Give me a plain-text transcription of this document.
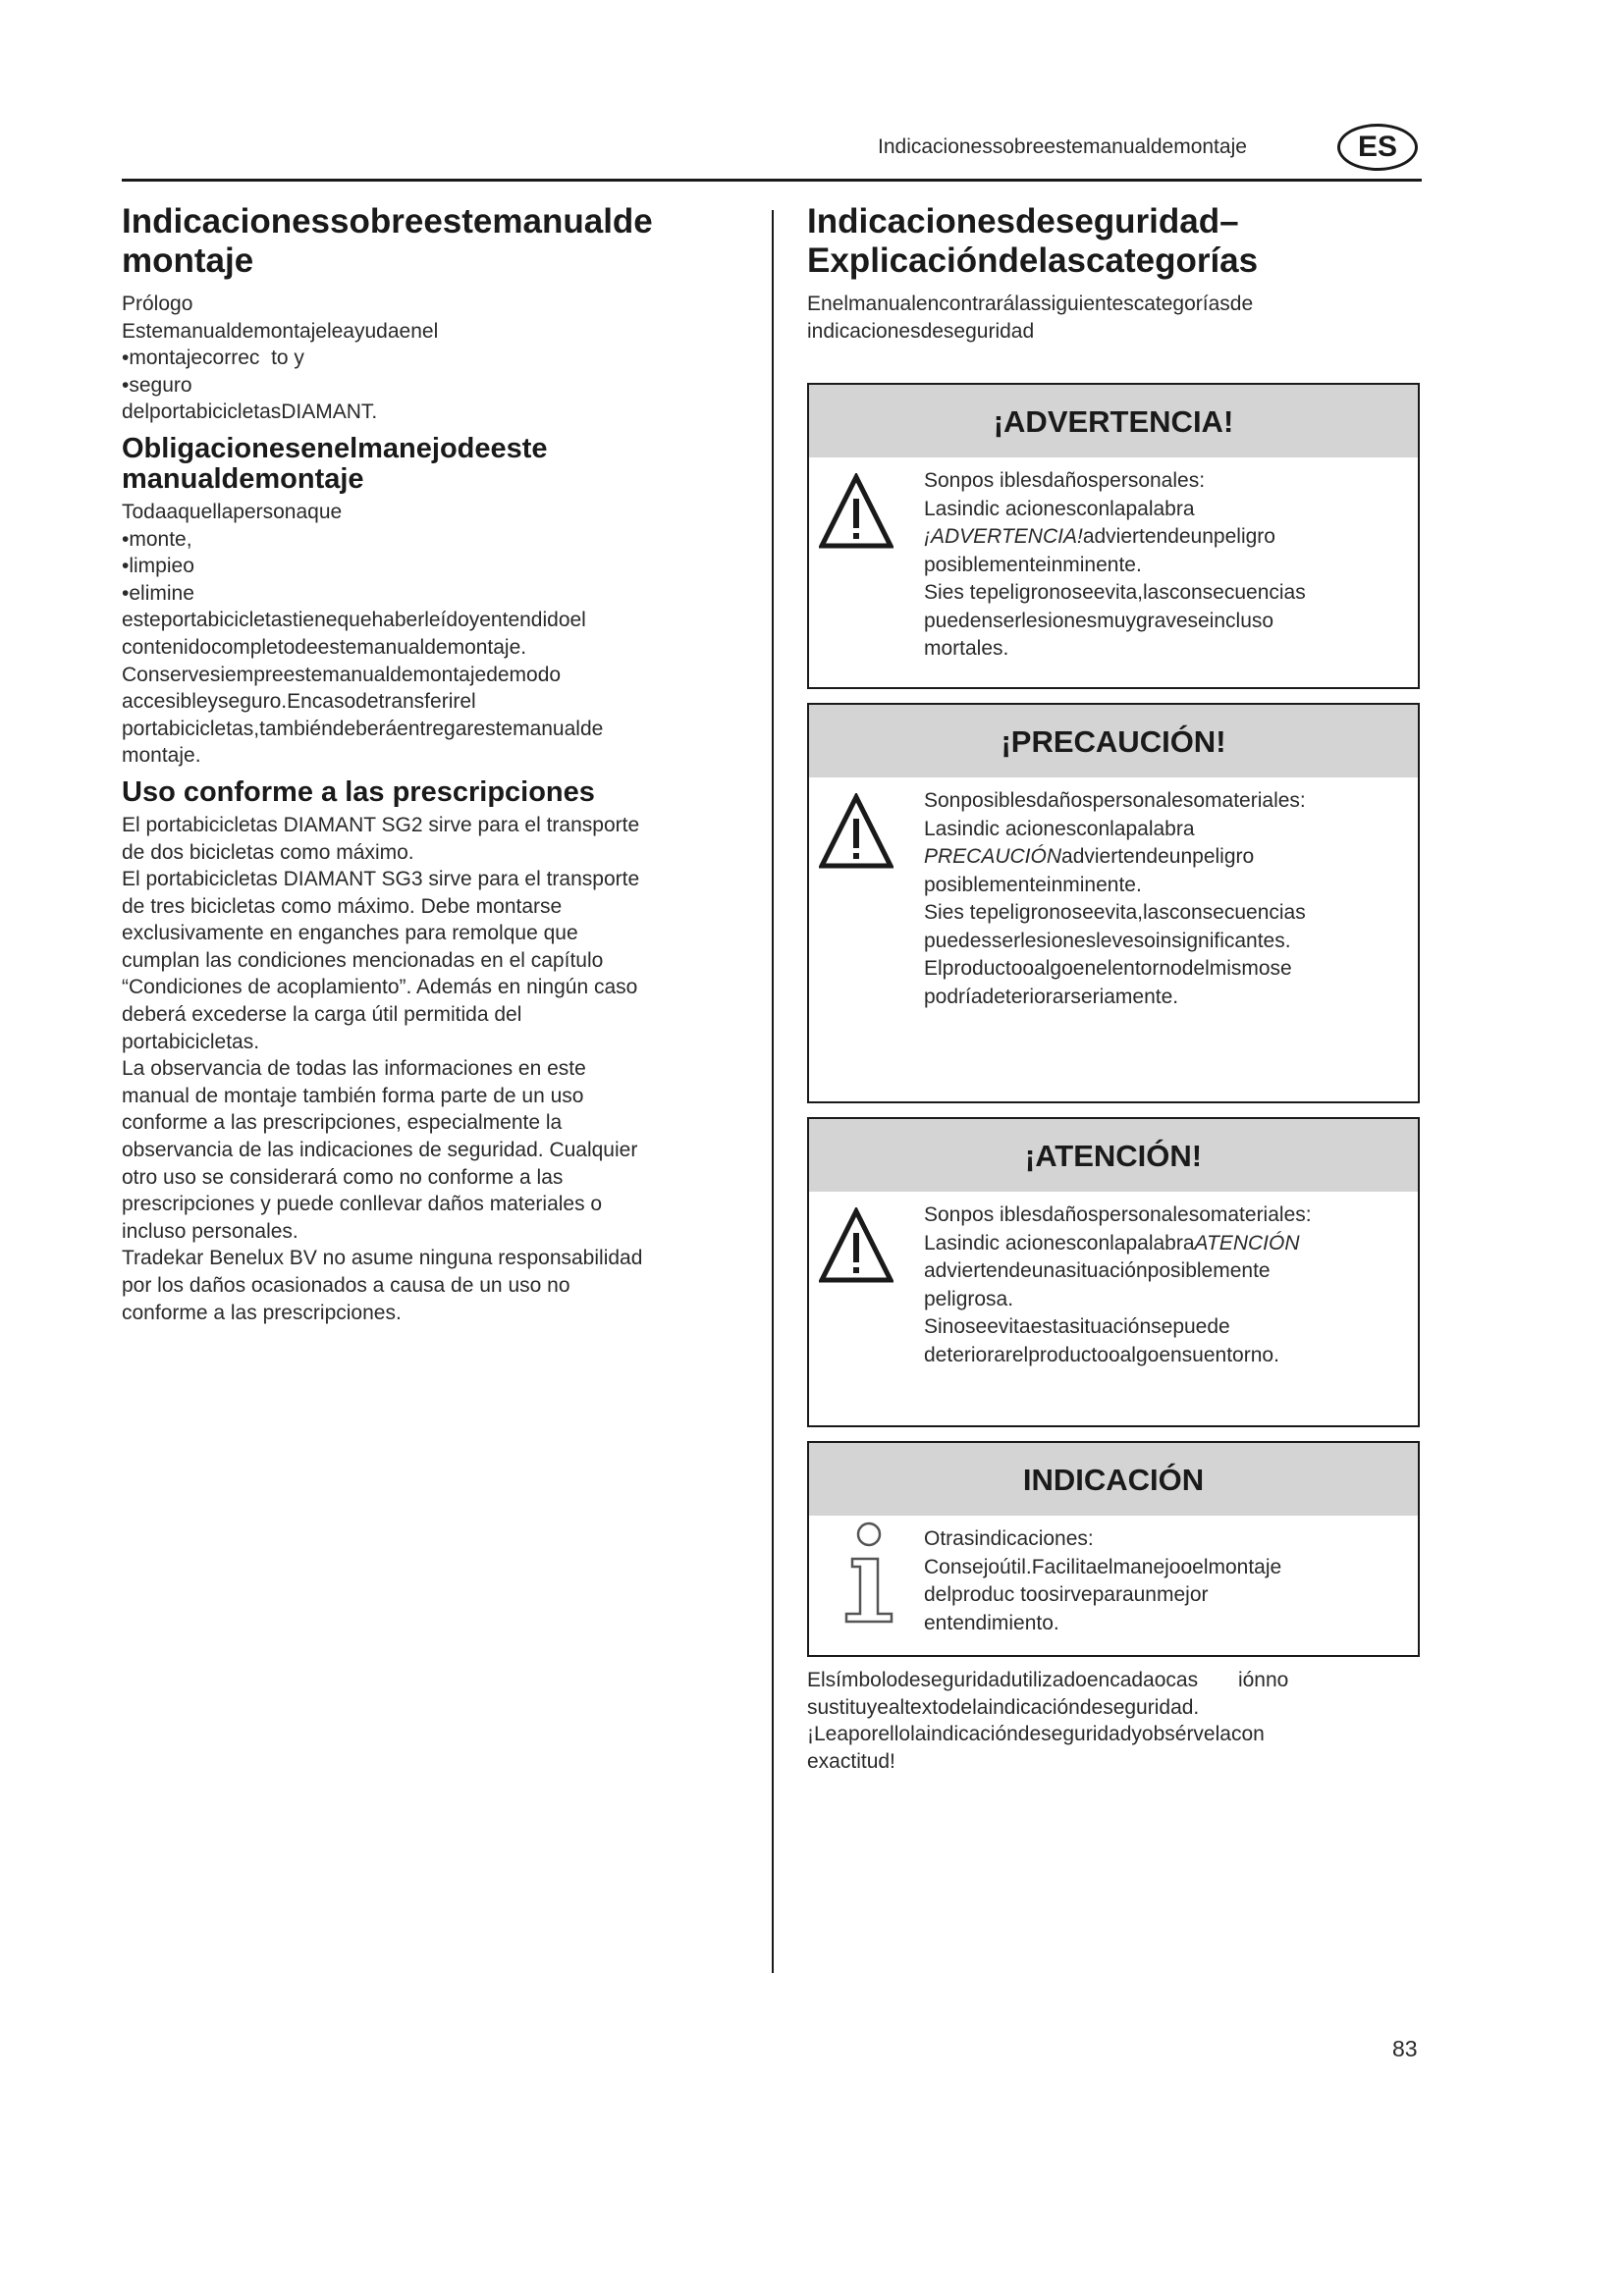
Indicacionessobreestemanualdemontaje	ES
Indicacionessobreestemanualde montaje

Prólogo

Estemanualdemontajeleayudaenel

•montajecorrec  to y

•seguro

delportabicicletasDIAMANT.

Obligacionesenelmanejodeeste manualdemontaje

Todaaquellapersonaque

•monte,

•limpieo

•elimine

esteportabicicletastienequehaberleídoyentendidoel

contenidocompletodeestemanualdemontaje.

Conservesiempreestemanualdemontajedemodo

accesibleyseguro.Encasodetransferirel

portabicicletas,tambiéndeberáentregarestemanualde

montaje.

Uso conforme a las prescripciones

El portabicicletas DIAMANT SG2 sirve para el transporte

de dos bicicletas como máximo.

El portabicicletas DIAMANT SG3 sirve para el transporte

de tres bicicletas como máximo. Debe montarse

exclusivamente en enganches para remolque que

cumplan las condiciones mencionadas en el capítulo

“Condiciones de acoplamiento”. Además en ningún caso

deberá excederse la carga útil permitida del

portabicicletas.

La observancia de todas las informaciones en este

manual de montaje también forma parte de un uso

conforme a las prescripciones, especialmente la

observancia de las indicaciones de seguridad. Cualquier

otro uso se considerará como no conforme a las

prescripciones y puede conllevar daños materiales o

incluso personales.

Tradekar Benelux BV no asume ninguna responsabilidad

por los daños ocasionados a causa de un uso no

conforme a las prescripciones.

Indicacionesdeseguridad– Explicacióndelascategorías

Enelmanualencontrarálassiguientescategoríasde

indicacionesdeseguridad

¡ADVERTENCIA!

Sonpos iblesdañospersonales:

Lasindic acionesconlapalabra

¡ADVERTENCIA!adviertendeunpeligro

posiblementeinminente.

Sies tepeligronoseevita,lasconsecuencias

puedenserlesionesmuygraveseincluso

mortales.

¡PRECAUCIÓN!

Sonposiblesdañospersonalesomateriales:

Lasindic acionesconlapalabra

PRECAUCIÓNadviertendeunpeligro

posiblementeinminente.

Sies tepeligronoseevita,lasconsecuencias

puedesserlesioneslevesoinsignificantes.

Elproductooalgoenelentornodelmismose

podríadeteriorarseriamente.

¡ATENCIÓN!

Sonpos iblesdañospersonalesomateriales:

Lasindic acionesconlapalabraATENCIÓN

adviertendeunasituaciónposiblemente

peligrosa.

Sinoseevitaestasituaciónsepuede

deteriorarelproductooalgoensuentorno.

INDICACIÓN

Otrasindicaciones:

Consejoútil.Facilitaelmanejooelmontaje

delproduc toosirveparaunmejor

entendimiento.

Elsímbolodeseguridadutilizadoencadaocas       iónno

sustituyealtextodelaindicacióndeseguridad.

¡Leaporellolaindicacióndeseguridadyobsérvelacon

exactitud!

83
